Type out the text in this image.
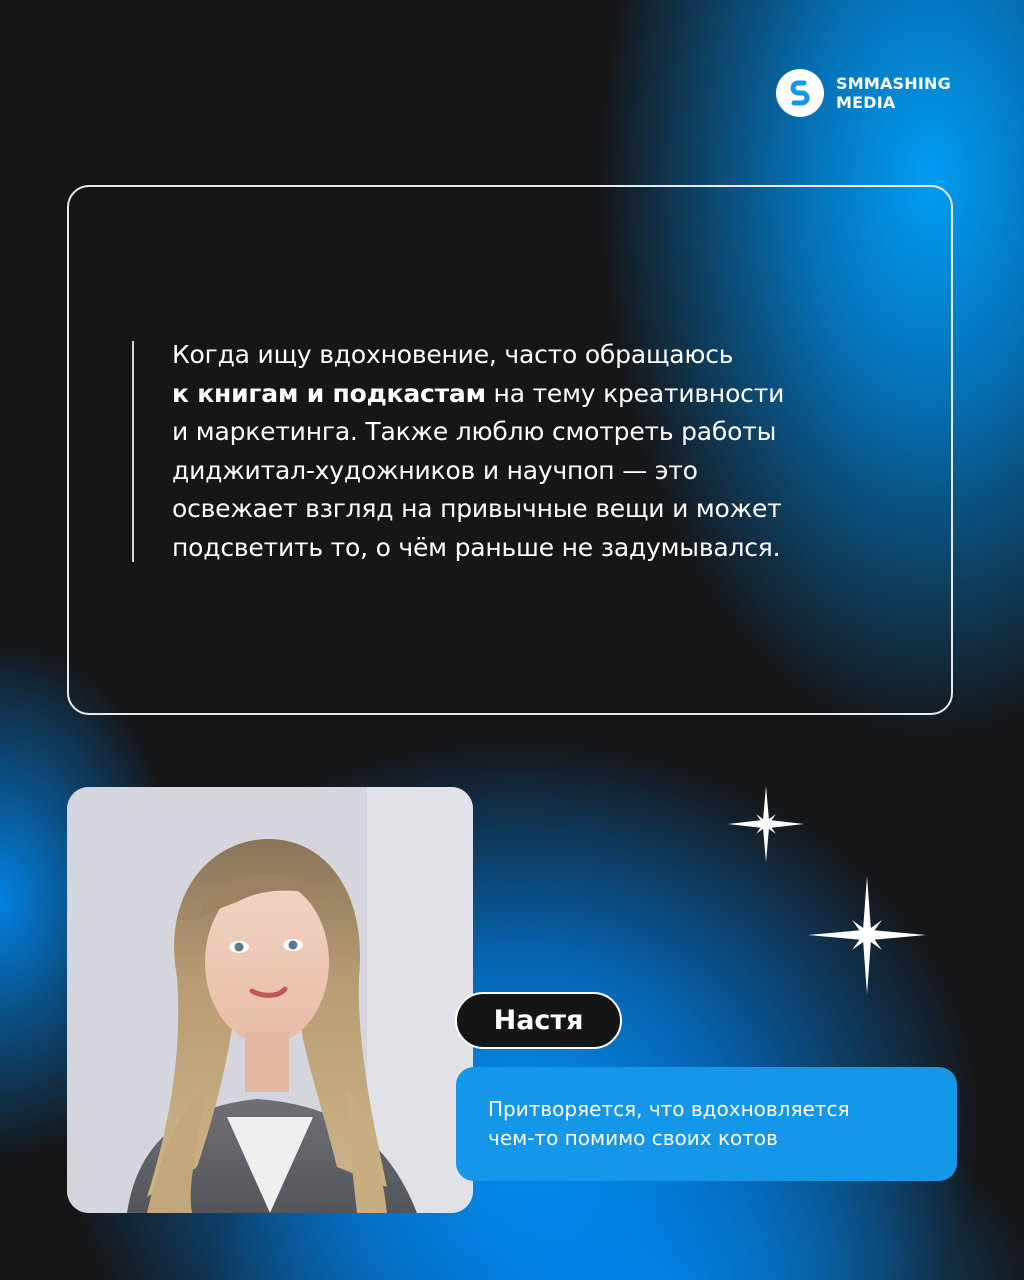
SMMASHING
MEDIA
Когда ищу вдохновение, часто обращаюсь
к книгам и подкастам на тему креативности
и маркетинга. Также люблю смотреть работы
диджитал-художников и научпоп — это
освежает взгляд на привычные вещи и может
подсветить то, о чём раньше не задумывался.
Настя
Притворяется, что вдохновляется
чем-то помимо своих котов
